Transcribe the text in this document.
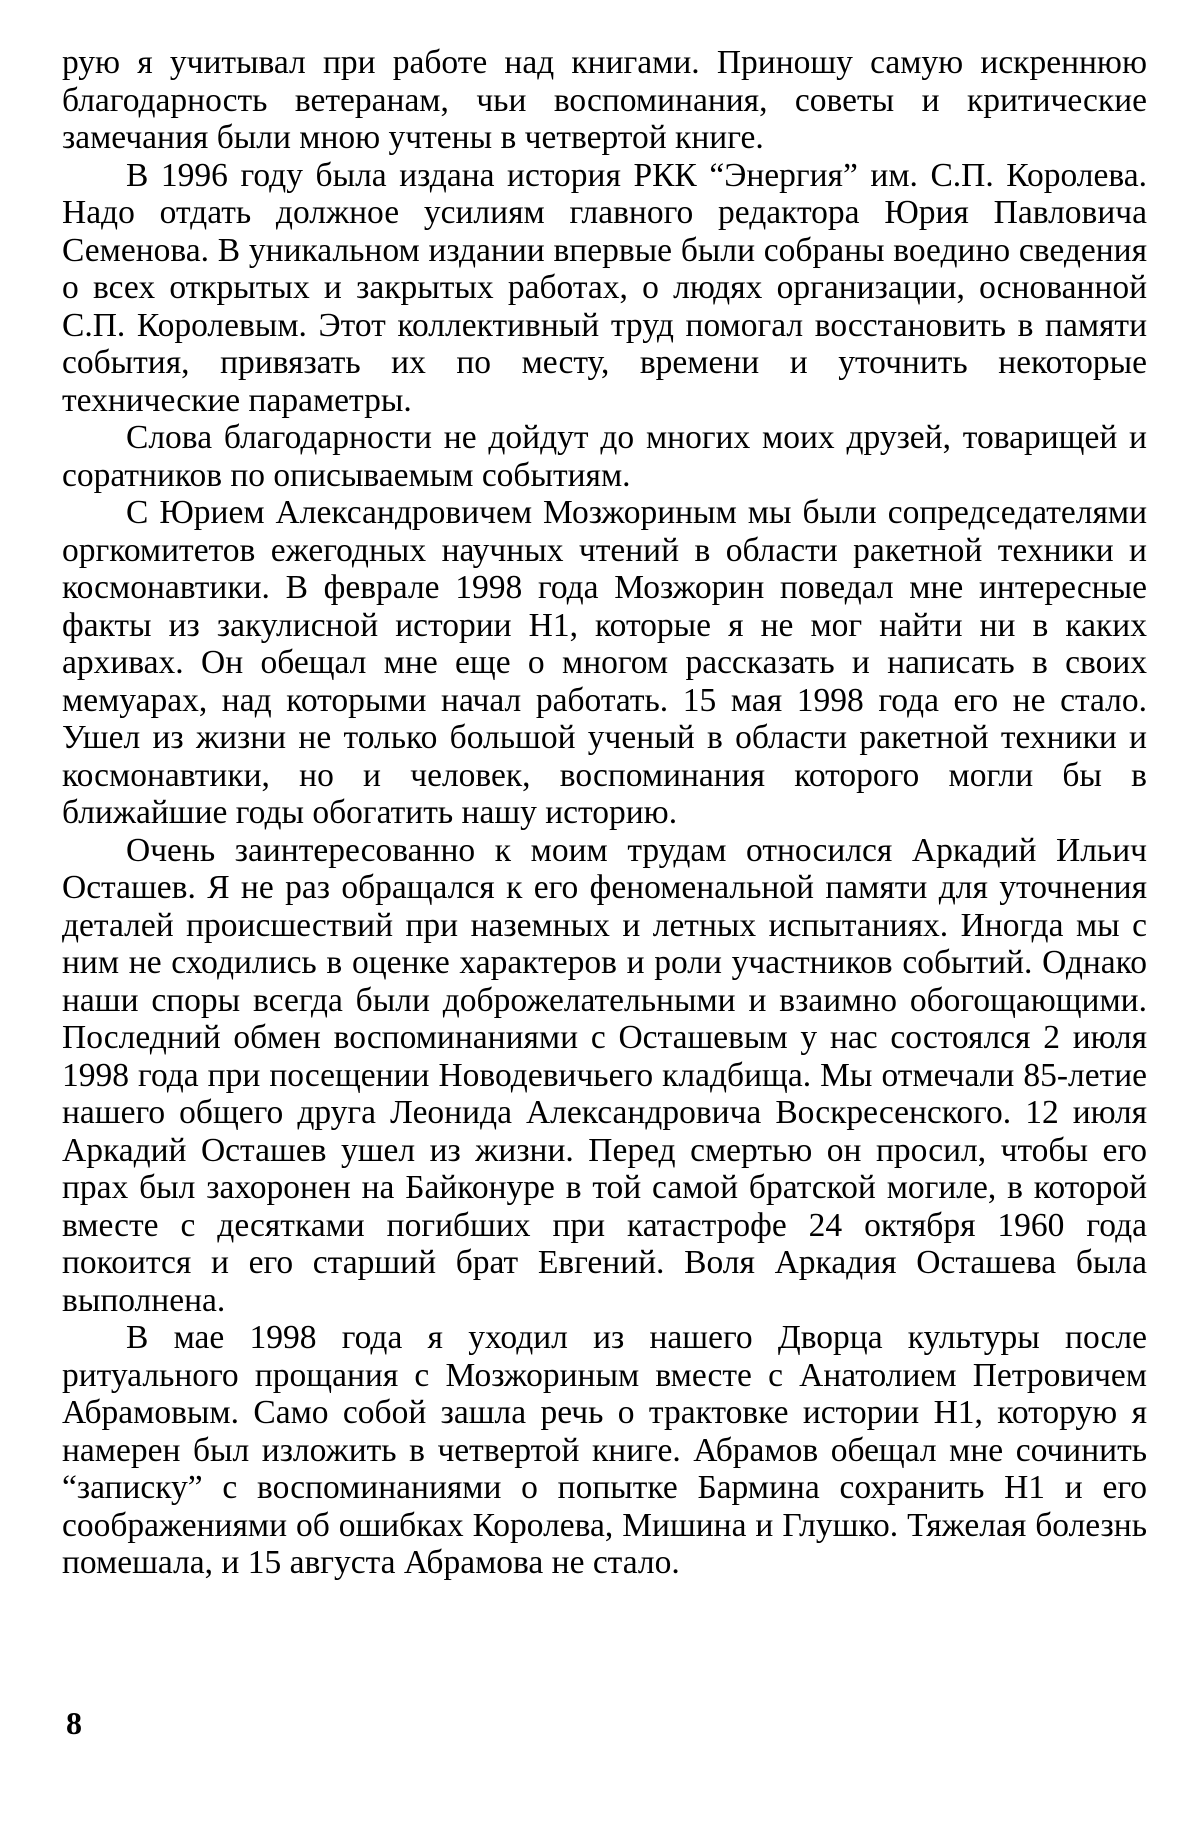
рую я учитывал при работе над книгами. Приношу самую искреннюю благодарность ветеранам, чьи воспоминания, советы и критические замечания были мною учтены в четвертой книге.

В 1996 году была издана история РКК “Энергия” им. С.П. Королева. Надо отдать должное усилиям главного редактора Юрия Павловича Семенова. В уникальном издании впервые были собраны воедино сведения о всех открытых и закрытых работах, о людях организации, основанной С.П. Королевым. Этот коллективный труд помогал восстановить в памяти события, привязать их по месту, времени и уточнить некоторые технические параметры.

Слова благодарности не дойдут до многих моих друзей, товарищей и соратников по описываемым событиям.

С Юрием Александровичем Мозжориным мы были сопредседателями оргкомитетов ежегодных научных чтений в области ракетной техники и космонавтики. В феврале 1998 года Мозжорин поведал мне интересные факты из закулисной истории Н1, которые я не мог найти ни в каких архивах. Он обещал мне еще о многом рассказать и написать в своих мемуарах, над которыми начал работать. 15 мая 1998 года его не стало. Ушел из жизни не только большой ученый в области ракетной техники и космонавтики, но и человек, воспоминания которого могли бы в ближайшие годы обогатить нашу историю.

Очень заинтересованно к моим трудам относился Аркадий Ильич Осташев. Я не раз обращался к его феноменальной памяти для уточнения деталей происшествий при наземных и летных испытаниях. Иногда мы с ним не сходились в оценке характеров и роли участников событий. Однако наши споры всегда были доброжелательными и взаимно обогощающими. Последний обмен воспоминаниями с Осташевым у нас состоялся 2 июля 1998 года при посещении Новодевичьего кладбища. Мы отмечали 85-летие нашего общего друга Леонида Александровича Воскресенского. 12 июля Аркадий Осташев ушел из жизни. Перед смертью он просил, чтобы его прах был захоронен на Байконуре в той самой братской могиле, в которой вместе с десятками погибших при катастрофе 24 октября 1960 года покоится и его старший брат Евгений. Воля Аркадия Осташева была выполнена.

В мае 1998 года я уходил из нашего Дворца культуры после ритуального прощания с Мозжориным вместе с Анатолием Петровичем Абрамовым. Само собой зашла речь о трактовке истории Н1, которую я намерен был изложить в четвертой книге. Абрамов обещал мне сочинить “записку” с воспоминаниями о попытке Бармина сохранить Н1 и его соображениями об ошибках Королева, Мишина и Глушко. Тяжелая болезнь помешала, и 15 августа Абрамова не стало.

8
